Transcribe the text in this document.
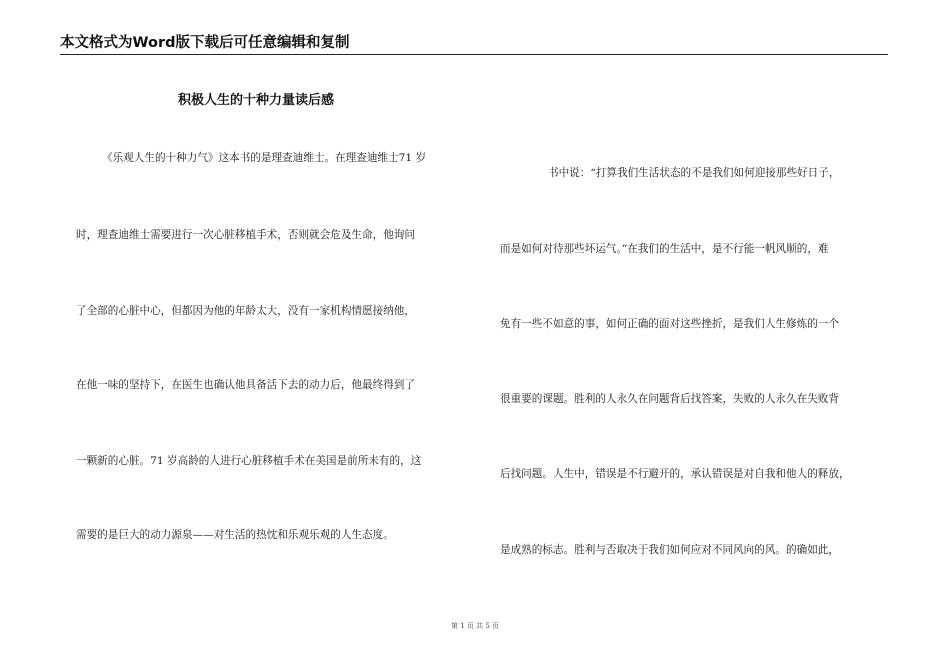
本文格式为Word版下载后可任意编辑和复制
积极人生的十种力量读后感
《乐观人生的十种力气》这本书的是理查迪维士。在理查迪维士71 岁
时，理查迪维士需要进行一次心脏移植手术，否则就会危及生命，他询问
了全部的心脏中心，但都因为他的年龄太大，没有一家机构情愿接纳他，
在他一味的坚持下，在医生也确认他具备活下去的动力后，他最终得到了
一颗新的心脏。71 岁高龄的人进行心脏移植手术在美国是前所未有的，这
需要的是巨大的动力源泉——对生活的热忱和乐观乐观的人生态度。
书中说：“打算我们生活状态的不是我们如何迎接那些好日子，
而是如何对待那些坏运气。”在我们的生活中，是不行能一帆风顺的，难
免有一些不如意的事，如何正确的面对这些挫折，是我们人生修炼的一个
很重要的课题。胜利的人永久在问题背后找答案，失败的人永久在失败背
后找问题。人生中，错误是不行避开的，承认错误是对自我和他人的释放，
是成熟的标志。胜利与否取决于我们如何应对不同风向的风。的确如此，
第 1 页 共 5 页
